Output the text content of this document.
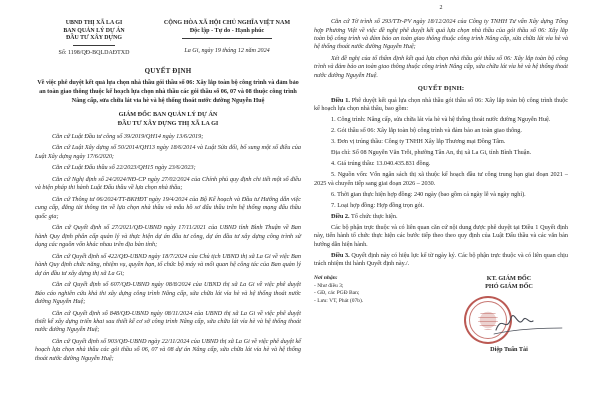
UBND THỊ XÃ LA GI
BAN QUẢN LÝ DỰ ÁN
ĐẦU TƯ XÂY DỰNG
Số: 1198/QĐ-BQLDAĐTXD
CỘNG HÒA XÃ HỘI CHỦ NGHĨA VIỆT NAM
Độc lập - Tự do - Hạnh phúc
La Gi, ngày 19 tháng 12 năm 2024
QUYẾT ĐỊNH
Về việc phê duyệt kết quả lựa chọn nhà thầu gói thầu số 06: Xây lắp toàn bộ công trình và đảm bảo an toàn giao thông thuộc kế hoạch lựa chọn nhà thầu các gói thầu số 06, 07 và 08 thuộc công trình Nâng cấp, sửa chữa lát vỉa hè và hệ thống thoát nước đường Nguyễn Huệ
GIÁM ĐỐC BAN QUẢN LÝ DỰ ÁN
ĐẦU TƯ XÂY DỰNG THỊ XÃ LA GI

Căn cứ Luật Đầu tư công số 39/2019/QH14 ngày 13/6/2019;

Căn cứ Luật Xây dựng số 50/2014/QH13 ngày 18/6/2014 và Luật Sửa đổi, bổ sung một số điều của Luật Xây dựng ngày 17/6/2020;

Căn cứ Luật Đấu thầu số 22/2023/QH15 ngày 23/6/2023;

Căn cứ Nghị định số 24/2024/NĐ-CP ngày 27/02/2024 của Chính phủ quy định chi tiết một số điều và biện pháp thi hành Luật Đấu thầu về lựa chọn nhà thầu;

Căn cứ Thông tư 06/2024/TT-BKHĐT ngày 19/4/2024 của Bộ Kế hoạch và Đầu tư Hướng dẫn việc cung cấp, đăng tải thông tin về lựa chọn nhà thầu và mẫu hồ sơ đấu thầu trên hệ thống mạng đấu thầu quốc gia;

Căn cứ Quyết định số 27/2021/QĐ-UBND ngày 17/11/2021 của UBND tỉnh Bình Thuận về Ban hành Quy định phân cấp quản lý và thực hiện dự án đầu tư công, dự án đầu tư xây dựng công trình sử dụng các nguồn vốn khác nhau trên địa bàn tỉnh;

Căn cứ Quyết định số 422/QĐ-UBND ngày 18/7/2024 của Chủ tịch UBND thị xã La Gi về việc Ban hành Quy định chức năng, nhiệm vụ, quyền hạn, tổ chức bộ máy và mối quan hệ công tác của Ban quản lý dự án đầu tư xây dựng thị xã La Gi;

Căn cứ Quyết định số 607/QĐ-UBND ngày 08/8/2024 của UBND thị xã La Gi về việc phê duyệt Báo cáo nghiên cứu khả thi xây dựng công trình Nâng cấp, sửa chữa lát vỉa hè và hệ thống thoát nước đường Nguyễn Huệ;

Căn cứ Quyết định số 848/QĐ-UBND ngày 08/11/2024 của UBND thị xã La Gi về việc phê duyệt thiết kế xây dựng triển khai sau thiết kế cơ sở công trình Nâng cấp, sửa chữa lát vỉa hè và hệ thống thoát nước đường Nguyễn Huệ;

Căn cứ Quyết định số 903/QĐ-UBND ngày 22/11/2024 của UBND thị xã La Gi về việc phê duyệt kế hoạch lựa chọn nhà thầu các gói thầu số 06, 07 và 08 dự án Nâng cấp, sửa chữa lát vỉa hè và hệ thống thoát nước đường Nguyễn Huệ;

2

Căn cứ Tờ trình số 293/TTr-PV ngày 18/12/2024 của Công ty TNHH Tư vấn Xây dựng Tổng hợp Phương Việt về việc đề nghị phê duyệt kết quả lựa chọn nhà thầu của gói thầu số 06: Xây lắp toàn bộ công trình và đảm bảo an toàn giao thông thuộc công trình Nâng cấp, sửa chữa lát vỉa hè và hệ thống thoát nước đường Nguyễn Huệ;

Xét đề nghị của tổ thẩm định kết quả lựa chọn nhà thầu gói thầu số 06: Xây lắp toàn bộ công trình và đảm bảo an toàn giao thông thuộc công trình Nâng cấp, sửa chữa lát vỉa hè và hệ thống thoát nước đường Nguyễn Huệ.

QUYẾT ĐỊNH:

Điều 1. Phê duyệt kết quả lựa chọn nhà thầu gói thầu số 06: Xây lắp toàn bộ công trình thuộc kế hoạch lựa chọn nhà thầu, bao gồm:

1. Công trình: Nâng cấp, sửa chữa lát vỉa hè và hệ thống thoát nước đường Nguyễn Huệ.

2. Gói thầu số 06: Xây lắp toàn bộ công trình và đảm bảo an toàn giao thông.

3. Đơn vị trúng thầu: Công ty TNHH Xây lắp Thương mại Đồng Tâm.

Địa chỉ: Số 08 Nguyễn Văn Trỗi, phường Tân An, thị xã La Gi, tỉnh Bình Thuận.

4. Giá trúng thầu: 13.040.435.831 đồng.

5. Nguồn vốn: Vốn ngân sách thị xã thuộc kế hoạch đầu tư công trung hạn giai đoạn 2021 – 2025 và chuyển tiếp sang giai đoạn 2026 – 2030.

6. Thời gian thực hiện hợp đồng: 240 ngày (bao gồm cả ngày lễ và ngày nghỉ).

7. Loại hợp đồng: Hợp đồng trọn gói.

Điều 2. Tổ chức thực hiện.

Các bộ phận trực thuộc và có liên quan căn cứ nội dung được phê duyệt tại Điều 1 Quyết định này, tiến hành tổ chức thực hiện các bước tiếp theo theo quy định của Luật Đấu thầu và các văn bản hướng dẫn hiện hành.

Điều 3. Quyết định này có hiệu lực kể từ ngày ký. Các bộ phận trực thuộc và có liên quan chịu trách nhiệm thi hành Quyết định này./.

Nơi nhận:
- Như điều 3;
- GĐ, các PGĐ Ban;
- Lưu: VT, Phát (07b).
KT. GIÁM ĐỐC
PHÓ GIÁM ĐỐC
Diệp Tuấn Tài
